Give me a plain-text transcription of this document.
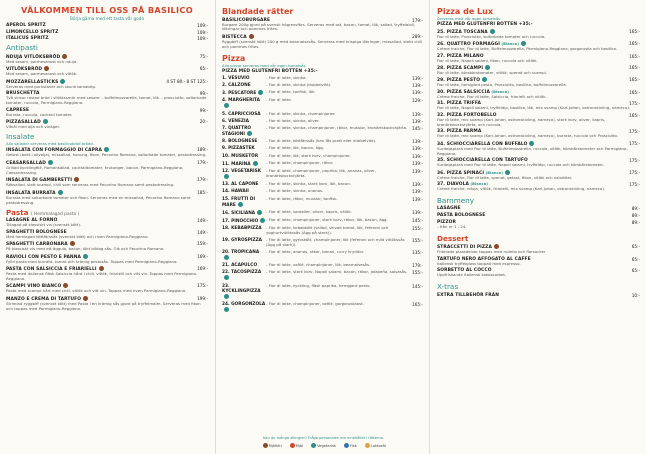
VÄLKOMMEN TILL OSS PÅ BASILICO
Börja gärna med ett tasta vår goda
APEROL SPRITZ	109:-
LIMONCELLO SPRITZ	109:-
ITALICUS SPRITZ	109:-
Antipasti
NDUJA VITLÖKSBRÖD	75:-
Med sesam, parmesanost och nduja.
VITLÖKSBRÖD	65:-
Med sesam, parmesanost och vitlök.
MOZZARELLASTICKS	4 ST 80:- 8 ST 125:-
Serveras med gurkstaver och skunk tomatdip.
BRUSCHETTA	99:-
Två skivor rostad bröd i vitlökssmör med sesam: - buffelmozzarella, tomat, lök. - prosciutto, soltorkade tomater, ruccola, Parmigiano-Reggiano.
CAPRESE	99:-
Burrata, ruccola, cocktail tomater.
PIZZASALLAD	20:-
Vitkål med olja och vinäger.
Insalate
Alla sallader serveras med basilicobröd brödd.
INSALATA CON FORMAGGIO DI CAPRA	189:-
Getost (bakt i olivolja), mixsallad, honung, fikon, Pecorino Romano, soltorkade tomater, pestodressing.
CEASARSALLAD	179:-
Grillad kycklingfilé, Romansallad, cocktailtomater, krutonger, bacon, Parmigiano-Reggiano, Caesardressing.
INSALATA DI GAMBERETTI	179:-
Räksallad, slatt scampi, chili som serveras med Pecorino Romano samt pestodressing.
INSALATA BURRATA	185:-
Burrata med soltorkade tomater och fikon. Serveras med en mixsallad, Pecorino Romano samt pestodressing.
Pasta ( Hemmalagad pasta )
LASAGNE AL FORNO	149:-
Tillagad på klassiskt vis (svenskt kött).
SPAGHETTI BOLOGNESE	149:-
Med hemlagad köttfärssås (svenskt kött) och riven Parmigiano-Reggiano.
SPAGHETTI CARBONARA	159:-
På klassiskt vis med ett äggula, bacon, lökt bildag sås. Olk och Pecorino Romano.
RAVIOLI CON PESTO E PANNA	169:-
Fylld pasta med burrata, tomat och krämig pestosås. Toppas med Parmigiano-Reggiano.
PASTA CON SALSICCIA E FRIARIELLI	169:-
Pasta med italiensk fläsk Salsiccia hård i chili, vitlök, friarielli och vitt vin. Toppas med Parmigiano-Reggiano.
SCAMPI VINO BIANCO	175:-
Pasta med scampi hårt med chili, vitlök och vitt vin. Toppas med riven Parmigiano-Reggiano.
MANZO E CREMA DI TARTUFO	199:-
Strimlad ryggbiff (svenskt kött) med Pasta i en krämig sås gjord på tryffelmalm. Serveras med fikon och toppas med Parmigiano-Reggiano.
Blandade rätter
BASILICOBURGARE	179:-
Burgare 200g gjord på svensk högrevsfärs. Serveras med ost, bacon, tomat, lök, sallad, tryffelaioli, lökringar och pommes frites.
BISTECCA	289:-
Ryggbiff (svenskt kött) 200 g med bearnaisesås. Serveras med krispiga lökringar, mixsallad, stekt chili och pommes frites.
Pizza
Alla pizzor serveras med vår egen tomatsås
PIZZA MED GLUTENFRI BOTTEN +35:-
1. VESUVIO	- Fior di latte, skinka.	139:-
2. CALZONE	- Fior di latte, skinka (dubbelvikt).	139:-
3. PESCATORE	- Fior di latte, tonfisk, lök.	139:-
4. MARGHERITA	- Fior di latte.	129:-
5. CAPRICCIOSA	- Fior di latte, skinka, champinjoner.	139:-
6. VENEZIA	- Fior di latte, skinka, oliver.	139:-
7. QUATTRO STAGIONI
- Fior di latte, skinka, champinjoner, räkor, musslor, kronärtskockshjärta.	145:-
8. BOLOGNESE	- Fior di latte, köttfärssås (kan fås pratt eller dubbelvikt).	139:-
9. PIZZASTEK	- Fior di latte, lök, bacon, ägg.	139:-
10. MUSKETÖR	- Fior di latte, lök, stark korv, champinjoner.	139:-
11. MARINA	- Fior di latte, champinjoner, räkor.	139:-
12. VEGETARISK	- Fior di latte, champinjoner, paprika, lök, ananas, oliver, kronärtskockshjärta.
139:-
13. AL CAPONE	- Fior di latte, skinka, stark korv, lök, bacon.	139:-
14. HAWAII	- Fior di latte, skinka, ananas.	139:-
15. FRUTTI DI MARE
- Fior di latte, räkor, musslor, tonfisk.	139:-
16. SICILIANA	- Fior di latte, sardeller, oliver, kapris, vitlök.	139:-
17. PINOCCHIO	- Fior di latte, champinjoner, stark korv, räkor, lök, bacon, ägg.	145:-
18. KEBABPIZZA	- Fior di latte, kebabkött (sallad, skivad tomat, lök, feferoni och yoghurtvitlökssås (Ägg på stark)).
155:-
19. GYROSPIZZA	- Fior di latte, gyroskött, champinjoner, lök (feferoni och mild vitlökssås (Ägg på stark)).
155:-
20. TROPICANA	- Fior di latte, ananas, räkor, banan, curry kryddor.	135:-
21. ACAPULCO	- Fior di latte, oxfilé, champinjoner, lök, bearnaisesås.	179:-
22. TACOSPIZZA	- Fior di latte, stark korv, Napoli salami, bacon, räkor, jalapeño, salsasås.	155:-
23. KYCKLINGPIZZA
- Fior di latte, kyckling, fläsk paprika, hemgjord pesto.	145:-
24. GORGONZOLA - Fior di latte, champinjoner, oxfilé, gorgonzolaost.	165:-
Kan du många allergier? Fråga personalen om innehållet i rätterna.
Mjölkfri	Mjöl	Vegetarisk	Fisk	Laktosfri
Pizza de Lux
Serveras med vår egen tomatsås
PIZZA MED GLUTENFRI BOTTEN +35:-
25. PIZZA TOSCANA	165:-
Fior di latte, Prosciutto, soltorkade tomater och ruccola.
26. QUATTRO FORMAGGI (Bianca)	165:-
Crème fraiche, Fior di latte, Buffelmozzarella, Parmigiano-Reggiano, gorgonzola och basilika.
27. PIZZA MILANO	165:-
Fior di latte, Napoli salami, fikon, ruccola och vitlök.
28. PIZZA SCAMPI	165:-
Fior di latte, körsbärstomater, vitlök, spenat och scampi.
29. PIZZA PESTO	165:-
Fior di latte, hemgjord pesto, Prosciutto, basilika, buffelmozzarella.
30. PIZZA SALSICCIA (Bianca)	165:-
Crème fraiche, Fior di latte, Salsiccia, friarielli och vitlök.
31. PIZZA TRIFFA	175:-
Fior di latte, Napoli salami, tryffeldip, basilika, lök, mix svamp (Karl-Johan, ostronskivling, nameco).
32. PIZZA FORTOBELLO	165:-
Fior di latte, mix svamp (Karl-Johan, ostronskivling, nameco), stark korv, oliver, kapris, kronärtskockshjärta, och ruccola.
33. PIZZA PARMA	175:-
Fior di latte, mix svamp (Karl-Johan, ostronskivling, nameco), burrata, ruccola och Prosciutto.
34. SCHIOCCIARELLA CON BUFFALO	175:-
Surdegspizza med Fior di latte, Buffelmozzarella, ruccola, vitlök, körsbärstomater och Parmigiano-Reggiano.
35. SCHIOCCIARELLA CON TARTUFO	175:-
Surdegspizza med Fior di latte, Napoli salami, tryffeldip, ruccola och körsbärstomater.
36. PIZZA SPINACI (Bianca)	175:-
Crème fraiche, Fior di latte, spenat, getost, fikon, vitlök och valnötter.
37. DIAVOLA (Bianca)	175:-
Crème fraiche, nduja, vitlök, friarielli, mix svamp (Karl-Johan, ostronskivling, nameco).
Barnmeny
LASAGNE	89:-
PASTA BOLOGNESE	89:-
PIZZOR	89:-
- från nr 1 - 24.
Dessert
STRACCETTI DI PIZZA	65:-
Friterade pizzadelvar toppas med nutella och florsocker
TARTUFO NERO AFFOGATO AL CAFFE	65:-
Italiensk tryffelglass toppad med espresso.
SORBETTO AL COCCO	65:-
Uppfriskande italiensk kokossorbet.
X-tras
EXTRA TILLBEHÖR FRÅN	10:-
